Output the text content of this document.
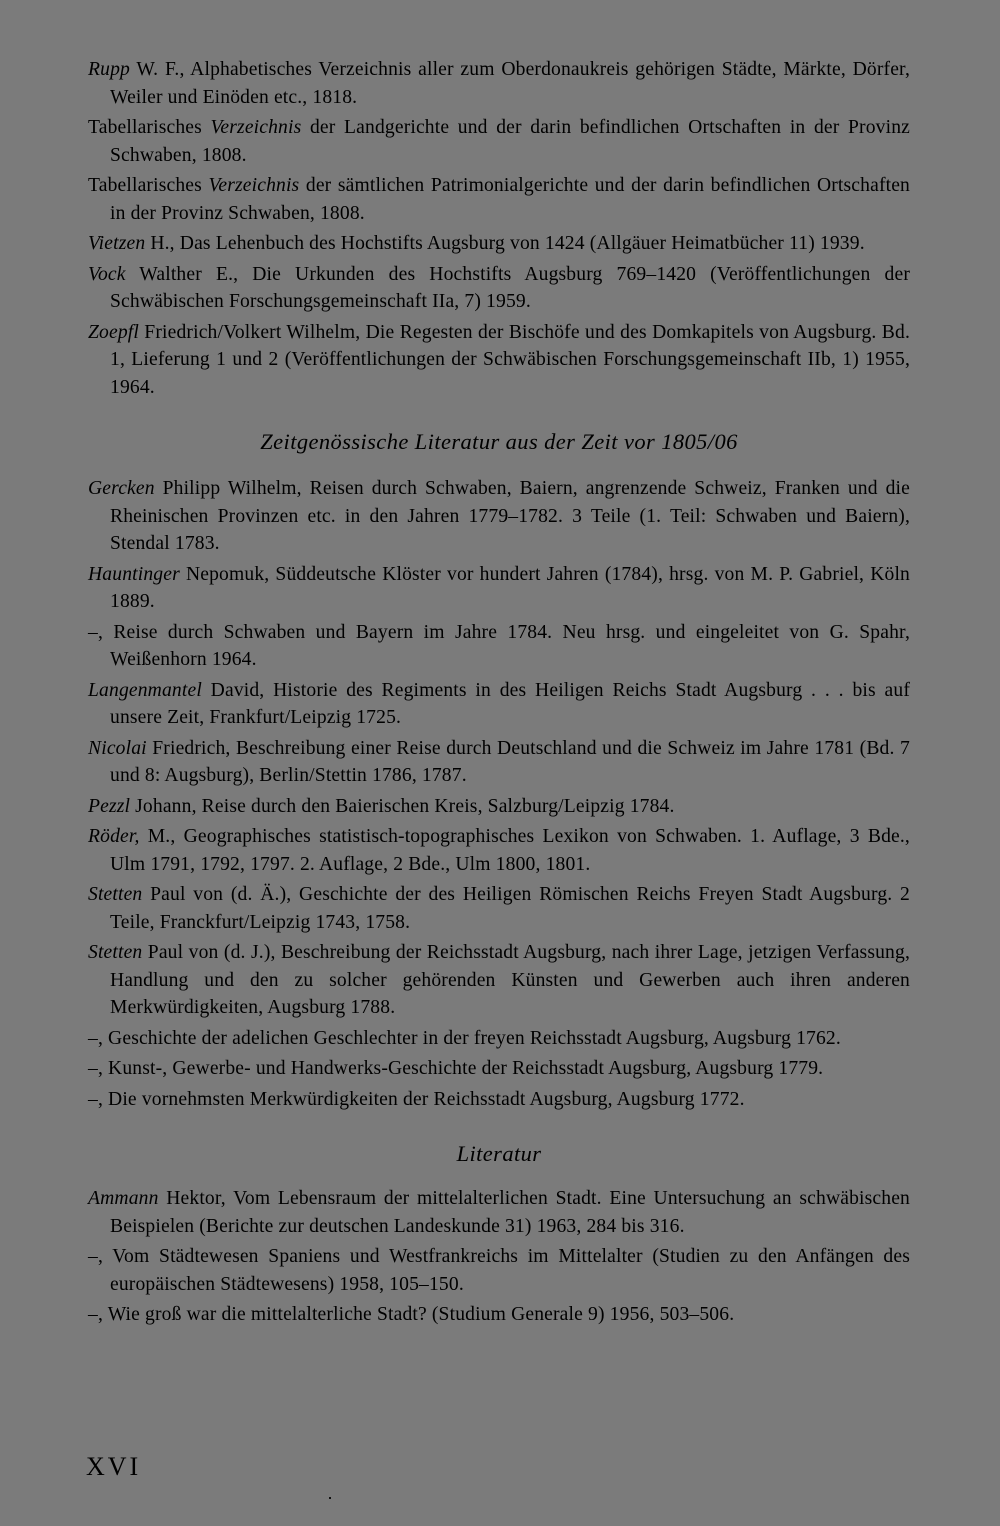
Rupp W. F., Alphabetisches Verzeichnis aller zum Oberdonaukreis gehörigen Städte, Märkte, Dörfer, Weiler und Einöden etc., 1818.
Tabellarisches Verzeichnis der Landgerichte und der darin befindlichen Ortschaften in der Provinz Schwaben, 1808.
Tabellarisches Verzeichnis der sämtlichen Patrimonialgerichte und der darin befindlichen Ortschaften in der Provinz Schwaben, 1808.
Vietzen H., Das Lehenbuch des Hochstifts Augsburg von 1424 (Allgäuer Heimatbücher 11) 1939.
Vock Walther E., Die Urkunden des Hochstifts Augsburg 769–1420 (Veröffentlichungen der Schwäbischen Forschungsgemeinschaft IIa, 7) 1959.
Zoepfl Friedrich/Volkert Wilhelm, Die Regesten der Bischöfe und des Domkapitels von Augsburg. Bd. 1, Lieferung 1 und 2 (Veröffentlichungen der Schwäbischen Forschungsgemeinschaft IIb, 1) 1955, 1964.
Zeitgenössische Literatur aus der Zeit vor 1805/06
Gercken Philipp Wilhelm, Reisen durch Schwaben, Baiern, angrenzende Schweiz, Franken und die Rheinischen Provinzen etc. in den Jahren 1779–1782. 3 Teile (1. Teil: Schwaben und Baiern), Stendal 1783.
Hauntinger Nepomuk, Süddeutsche Klöster vor hundert Jahren (1784), hrsg. von M. P. Gabriel, Köln 1889.
–, Reise durch Schwaben und Bayern im Jahre 1784. Neu hrsg. und eingeleitet von G. Spahr, Weißenhorn 1964.
Langenmantel David, Historie des Regiments in des Heiligen Reichs Stadt Augsburg . . . bis auf unsere Zeit, Frankfurt/Leipzig 1725.
Nicolai Friedrich, Beschreibung einer Reise durch Deutschland und die Schweiz im Jahre 1781 (Bd. 7 und 8: Augsburg), Berlin/Stettin 1786, 1787.
Pezzl Johann, Reise durch den Baierischen Kreis, Salzburg/Leipzig 1784.
Röder, M., Geographisches statistisch-topographisches Lexikon von Schwaben. 1. Auflage, 3 Bde., Ulm 1791, 1792, 1797. 2. Auflage, 2 Bde., Ulm 1800, 1801.
Stetten Paul von (d. Ä.), Geschichte der des Heiligen Römischen Reichs Freyen Stadt Augsburg. 2 Teile, Franckfurt/Leipzig 1743, 1758.
Stetten Paul von (d. J.), Beschreibung der Reichsstadt Augsburg, nach ihrer Lage, jetzigen Verfassung, Handlung und den zu solcher gehörenden Künsten und Gewerben auch ihren anderen Merkwürdigkeiten, Augsburg 1788.
–, Geschichte der adelichen Geschlechter in der freyen Reichsstadt Augsburg, Augsburg 1762.
–, Kunst-, Gewerbe- und Handwerks-Geschichte der Reichsstadt Augsburg, Augsburg 1779.
–, Die vornehmsten Merkwürdigkeiten der Reichsstadt Augsburg, Augsburg 1772.
Literatur
Ammann Hektor, Vom Lebensraum der mittelalterlichen Stadt. Eine Untersuchung an schwäbischen Beispielen (Berichte zur deutschen Landeskunde 31) 1963, 284 bis 316.
–, Vom Städtewesen Spaniens und Westfrankreichs im Mittelalter (Studien zu den Anfängen des europäischen Städtewesens) 1958, 105–150.
–, Wie groß war die mittelalterliche Stadt? (Studium Generale 9) 1956, 503–506.
XVI
